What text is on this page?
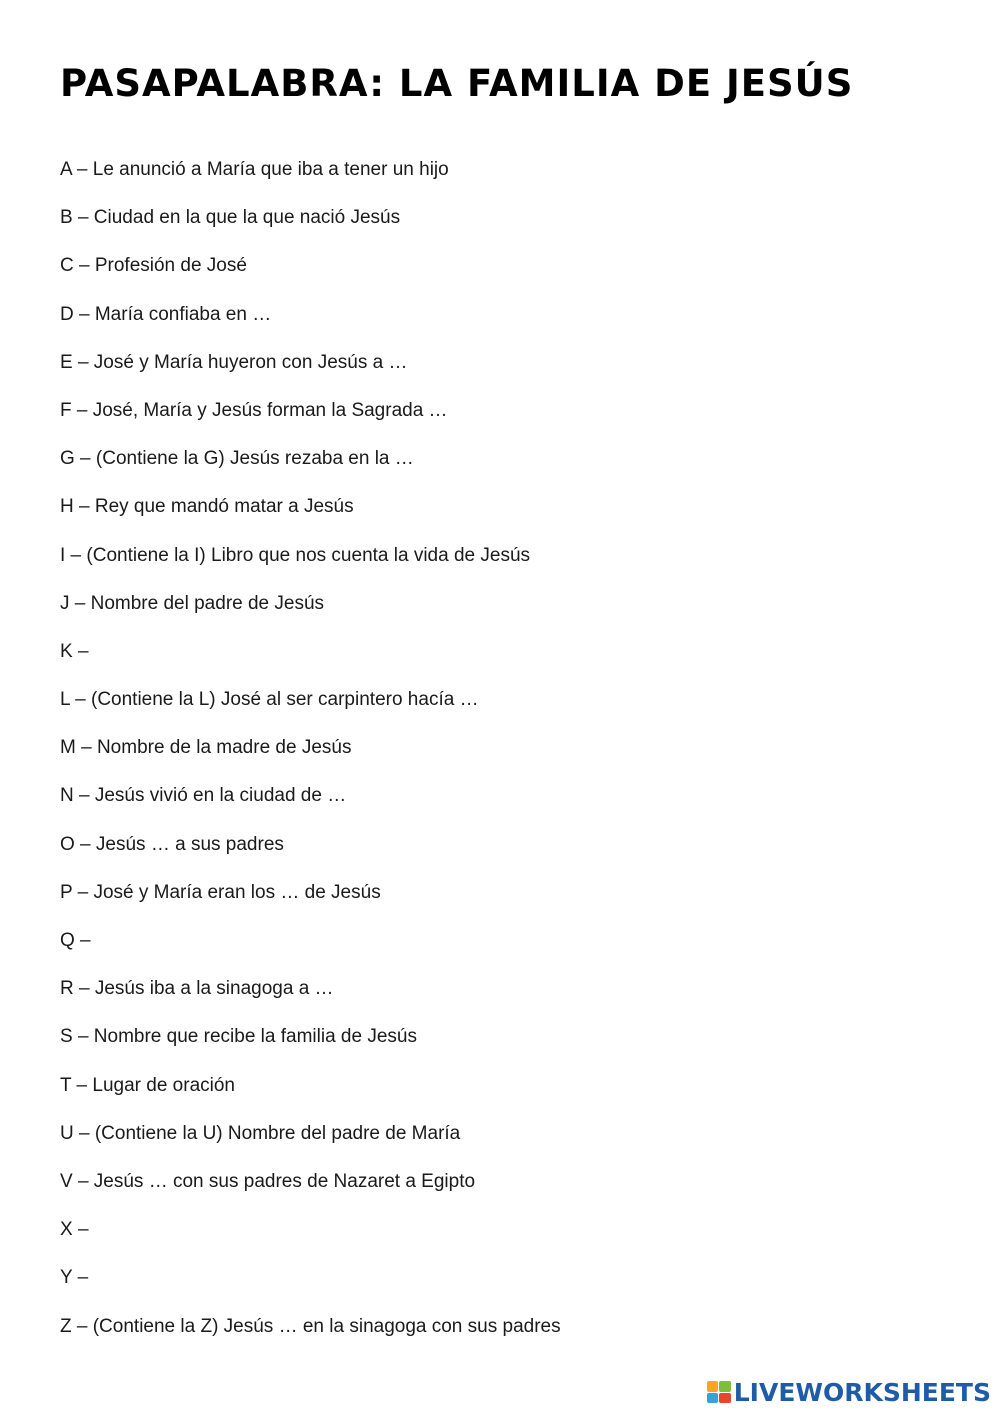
PASAPALABRA: LA FAMILIA DE JESÚS
A – Le anunció a María que iba a tener un hijo
B – Ciudad en la que la que nació Jesús
C – Profesión de José
D – María confiaba en …
E – José y María huyeron con Jesús a …
F – José, María y Jesús forman la Sagrada …
G – (Contiene la G) Jesús rezaba en la …
H – Rey que mandó matar a Jesús
I – (Contiene la I) Libro que nos cuenta la vida de Jesús
J – Nombre del padre de Jesús
K –
L – (Contiene la L) José al ser carpintero hacía …
M – Nombre de la madre de Jesús
N – Jesús vivió en la ciudad de …
O – Jesús … a sus padres
P – José y María eran los … de Jesús
Q –
R – Jesús iba a la sinagoga a …
S – Nombre que recibe la familia de Jesús
T – Lugar de oración
U – (Contiene la U) Nombre del padre de María
V – Jesús … con sus padres de Nazaret a Egipto
X –
Y –
Z – (Contiene la Z) Jesús … en la sinagoga con sus padres
LIVEWORKSHEETS
